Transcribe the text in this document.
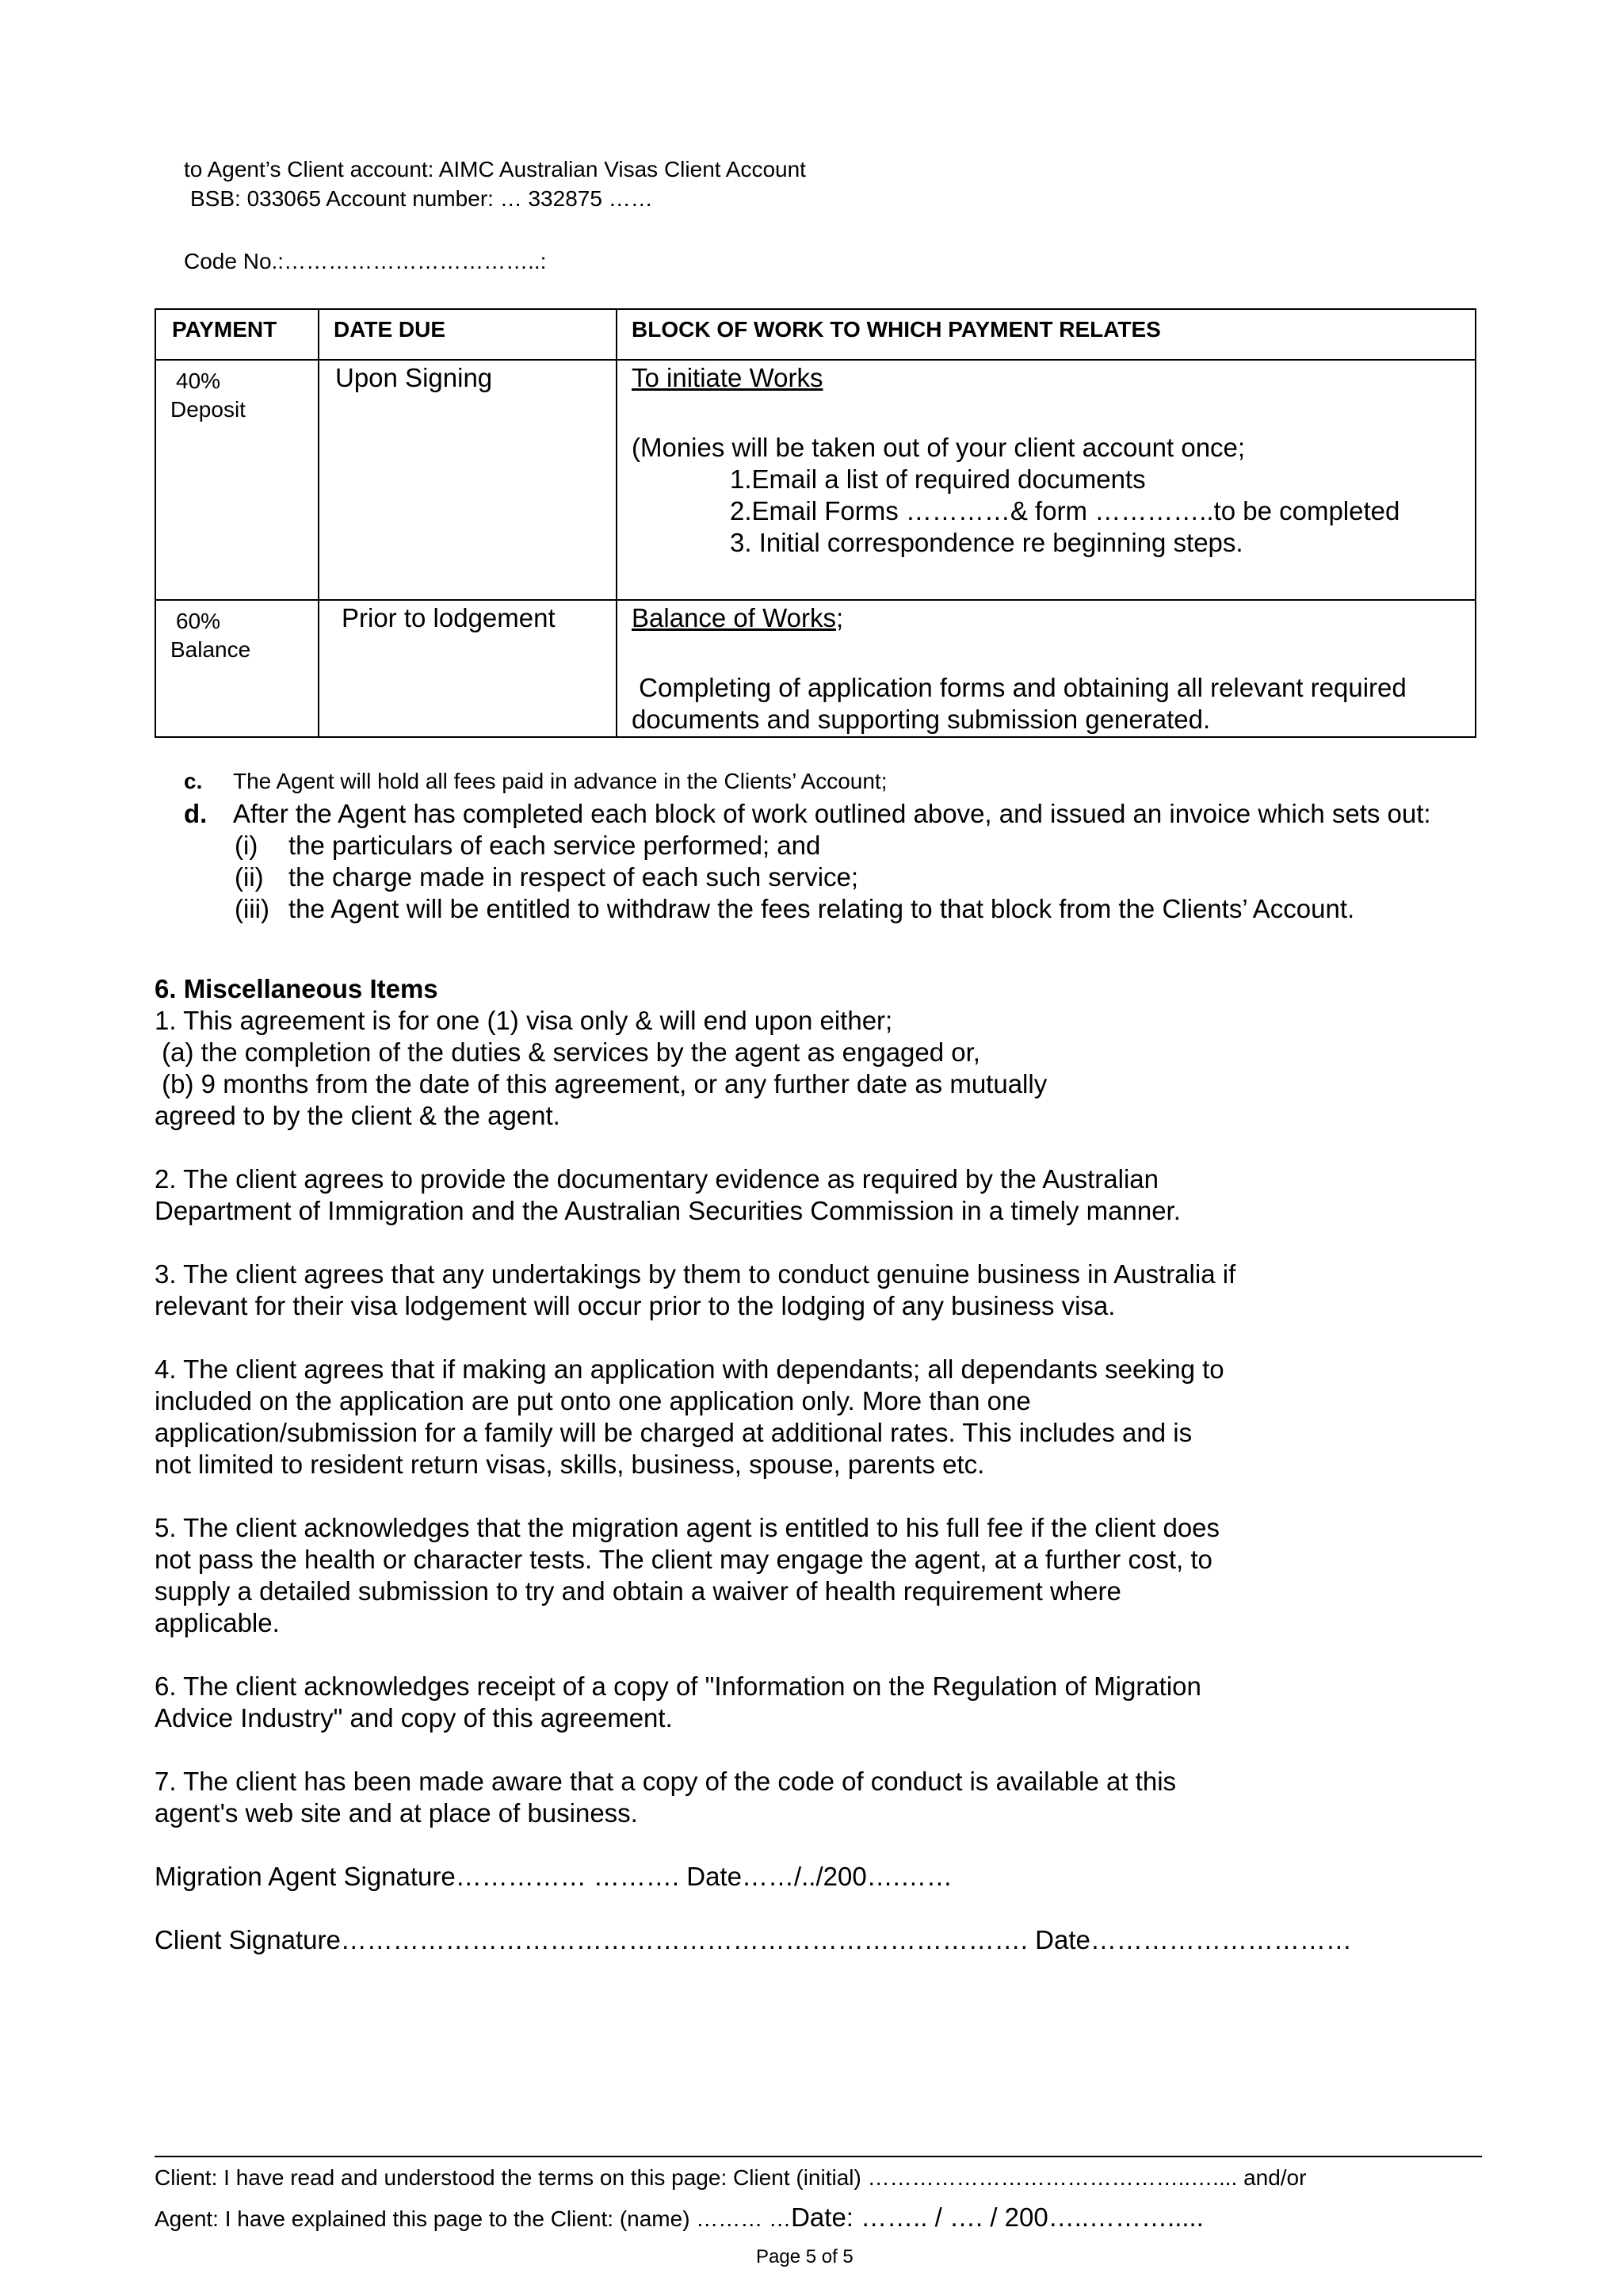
to Agent’s Client account: AIMC Australian Visas Client Account
BSB: 033065 Account number: … 332875 ……
Code No.:……………………………..:
PAYMENT	DATE DUE	BLOCK OF WORK TO WHICH PAYMENT RELATES

40%
Deposit	Upon Signing	To initiate Works
(Monies will be taken out of your client account once;
1.Email a list of required documents
2.Email Forms …………& form …………..to be completed
3. Initial correspondence re beginning steps.

60%
Balance	Prior to lodgement	Balance of Works;
Completing of application forms and obtaining all relevant required
documents and supporting submission generated.
c. The Agent will hold all fees paid in advance in the Clients’ Account;
d. After the Agent has completed each block of work outlined above, and issued an invoice which sets out:
(i) the particulars of each service performed; and
(ii) the charge made in respect of each such service;
(iii) the Agent will be entitled to withdraw the fees relating to that block from the Clients’ Account.
6. Miscellaneous Items
1. This agreement is for one (1) visa only & will end upon either;
(a) the completion of the duties & services by the agent as engaged or,
(b) 9 months from the date of this agreement, or any further date as mutually
agreed to by the client & the agent.
2. The client agrees to provide the documentary evidence as required by the Australian
Department of Immigration and the Australian Securities Commission in a timely manner.
3. The client agrees that any undertakings by them to conduct genuine business in Australia if
relevant for their visa lodgement will occur prior to the lodging of any business visa.
4. The client agrees that if making an application with dependants; all dependants seeking to
included on the application are put onto one application only. More than one
application/submission for a family will be charged at additional rates. This includes and is
not limited to resident return visas, skills, business, spouse, parents etc.
5. The client acknowledges that the migration agent is entitled to his full fee if the client does
not pass the health or character tests. The client may engage the agent, at a further cost, to
supply a detailed submission to try and obtain a waiver of health requirement where
applicable.
6. The client acknowledges receipt of a copy of "Information on the Regulation of Migration
Advice Industry" and copy of this agreement.
7. The client has been made aware that a copy of the code of conduct is available at this
agent's web site and at place of business.
Migration Agent Signature…………… ………. Date……/../200….……
Client Signature……………………………………………………………………. Date…………………………
Client: I have read and understood the terms on this page: Client (initial) ……………………………………..….... and/or
Agent: I have explained this page to the Client: (name) ……… …Date: …….. / …. / 200…..……….....
Page 5 of 5
